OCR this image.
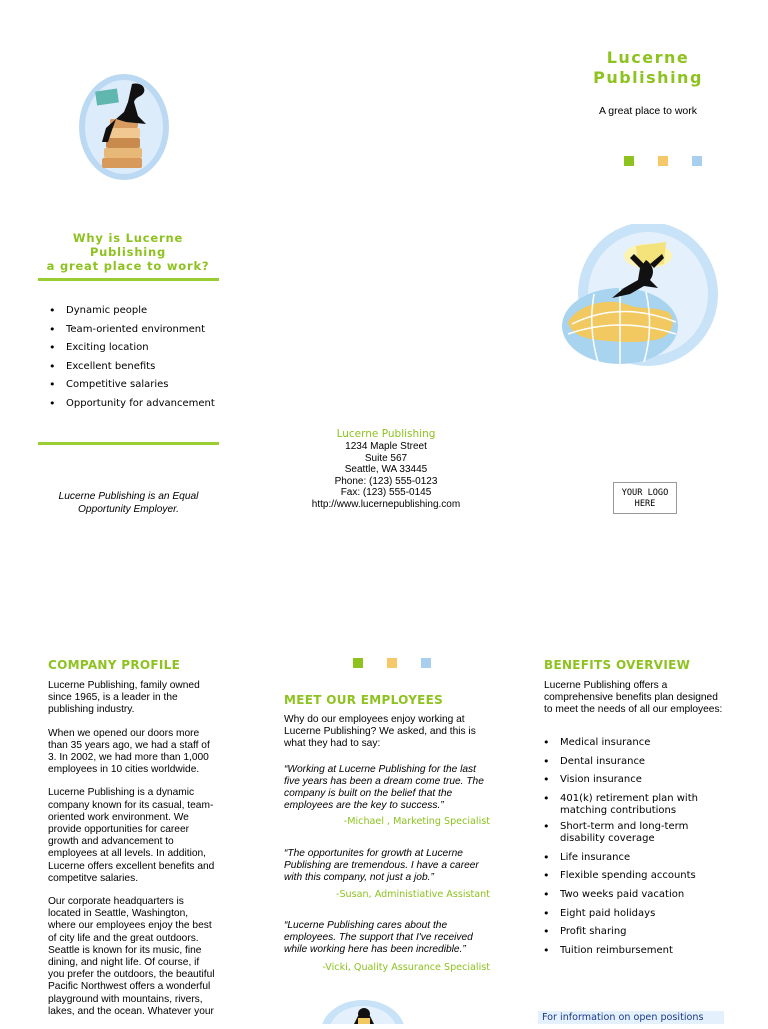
Lucerne
Publishing
A great place to work
Why is Lucerne Publishing
a great place to work?
• Dynamic people
• Team-oriented environment
• Exciting location
• Excellent benefits
• Competitive salaries
• Opportunity for advancement
Lucerne Publishing is an Equal
Opportunity Employer.
Lucerne Publishing
1234 Maple Street
Suite 567
Seattle, WA 33445
Phone: (123) 555-0123
Fax: (123) 555-0145
http://www.lucernepublishing.com
YOUR LOGO
HERE
COMPANY PROFILE

Lucerne Publishing, family owned
since 1965, is a leader in the
publishing industry.

When we opened our doors more
than 35 years ago, we had a staff of
3. In 2002, we had more than 1,000
employees in 10 cities worldwide.

Lucerne Publishing is a dynamic
company known for its casual, team-
oriented work environment. We
provide opportunities for career
growth and advancement to
employees at all levels. In addition,
Lucerne offers excellent benefits and
competitve salaries.

Our corporate headquarters is
located in Seattle, Washington,
where our employees enjoy the best
of city life and the great outdoors.
Seattle is known for its music, fine
dining, and night life. Of course, if
you prefer the outdoors, the beautiful
Pacific Northwest offers a wonderful
playground with mountains, rivers,
lakes, and the ocean. Whatever your

MEET OUR EMPLOYEES
Why do our employees enjoy working at
Lucerne Publishing? We asked, and this is
what they had to say:
“Working at Lucerne Publishing for the last
five years has been a dream come true. The
company is built on the belief that the
employees are the key to success.”
-Michael , Marketing Specialist
“The opportunites for growth at Lucerne
Publishing are tremendous. I have a career
with this company, not just a job.”
-Susan, Administiative Assistant
“Lucerne Publishing cares about the
employees. The support that I've received
while working here has been incredible.”
-Vicki, Quality Assurance Specialist
BENEFITS OVERVIEW
Lucerne Publishing offers a
comprehensive benefits plan designed
to meet the needs of all our employees:
• Medical insurance
• Dental insurance
• Vision insurance
• 401(k) retirement plan with
matching contributions
• Short-term and long-term
disability coverage
• Life insurance
• Flexible spending accounts
• Two weeks paid vacation
• Eight paid holidays
• Profit sharing
• Tuition reimbursement
For information on open positions
